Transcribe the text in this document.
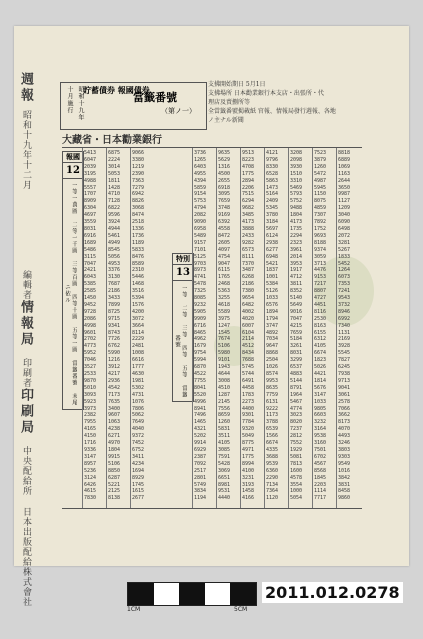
週報
昭和十九年
十二月
編輯者
情報局
印刷者
印刷局
中央配給所 日本出版配給株式會社
昭和十九年十月施行	貯蓄債券 報國債券
當籤番號
（第ノ一）
大藏省・日本勸業銀行
支拂開始期日 5月1日
支拂場所 日本勸業銀行本支店・出張所・代
理店及賣捌所等
全當籤番號掲載紙 官報、情報局發行週報、各地
ノ主ナル新聞
報國
12
一等一萬圓 二等一千圓 三等百圓 四等十圓 五等一圓 當籤番號 末尾ニ依ル
特別
13
一等 二等 三等 四等 五等 當籤 番號
5413
6047
2039
3195
4988
5557
1707
8909
6304
4697
3559
8031
6916
1689
5486
3115
7047
2421
6043
5385
2585
1450
9452
9728
2086
4998
9601
2702
4773
5952
7046
3527
2533
9870
5010
3093
5923
3973
2382
7955
4165
4150
1716
9336
3147
8957
5236
3124
6426
4615
7830

6875
2224
3014
5053
1811
1428
4710
7128
6822
9596
3924
4944
5461
4949
8545
5056
4953
3376
3130
7687
2186
3433
7899
8725
9715
9341
8743
7726
6762
5990
1216
3912
4217
2936
4542
7173
7635
3400
9607
1063
4238
6271
4970
1804
9915
5106
8850
6287
5221
2125
8138

9066
3380
1219
2390
7363
7279
6942
8826
3068
8474
2518
1336
1736
1189
5833
8476
8589
2310
5446
1468
3516
5394
1576
4200
3072
3664
8114
2229
2481
1008
6616
1777
4630
1981
5302
4731
1076
7806
5062
7649
4040
9372
7452
6752
3411
4234
1694
8929
1745
1615
2677

3736
1265
6403
4955
4394
5859
9154
5753
4794
2082
9090
6958
5489
9157
7101
5125
9703
8973
4741
5478
7325
8085
9232
5905
9909
6716
8465
4962
1679
9754
5994
6870
4522
7755
8041
5520
4996
8941
7496
1465
4321
5202
9914
6929
2387
7092
2517
2801
5749
3834
1194

9635
5629
1316
4500
2655
6918
3095
7659
3748
9169
6392
4558
8472
2605
4097
4754
9047
6115
1765
2468
5363
3255
4618
5589
3975
1247
1545
7674
5106
5980
9101
1943
4644
3008
4510
1287
2145
7556
8659
1260
5831
3511
4105
3085
7591
5428
3069
6651
8981
9531
4440

9513
8223
4708
1775
2894
2206
7515
6294
9682
3485
4173
3888
2433
9282
6573
8111
7370
3487
6268
2186
7380
9654
6482
4002
4020
6007
6104
2114
4512
8434
7688
5745
5744
6491
4458
1783
2273
4400
9301
7784
9320
5049
8775
4971
1775
8994
4100
3231
3193
1458
4166

4121
9796
8330
6528
5863
1473
5164
2409
5345
3780
3184
5697
6124
2938
6277
6948
5421
1837
1001
5384
5126
1033
6576
1894
1794
3747
4892
7034
9647
8868
2504
1026
8574
9953
8635
7759
6131
9222
1173
3788
6539
1566
6674
4335
3688
9539
6360
2290
7134
7364
1120

3208
2098
3930
1510
3310
5469
5793
5752
9488
1804
4173
1735
2294
2323
3961
2014
3953
1917
4712
3811
8352
5140
5649
9016
7047
4215
7659
5184
3261
8031
3299
6537
4883
5144
8791
1964
5467
4774
3023
8020
7237
2812
7552
1929
5081
7813
1600
4578
3554
1000
5054

7523
3879
1260
5472
4987
5945
1150
8075
4859
7307
7892
1752
9693
8188
9374
3059
3713
4476
9153
7217
8807
4727
4451
8116
2530
8163
6155
6312
4105
6674
1823
5026
4421
1814
5676
3147
1033
9805
6603
3232
3164
9538
3160
7501
6702
4567
8568
1845
2203
1114
7717

8818
6889
1069
1163
2644
3650
9987
1127
1209
3040
6090
6498
2072
3281
5267
1833
5452
1264
6073
7353
7241
9543
3732
8946
6992
7340
1131
2169
3928
5545
7827
6245
7938
9713
9041
3061
2578
7066
3662
8173
4070
4493
3246
3803
9303
9549
1016
3842
3831
8458
9860

1CM	5CM
2011.012.0278
